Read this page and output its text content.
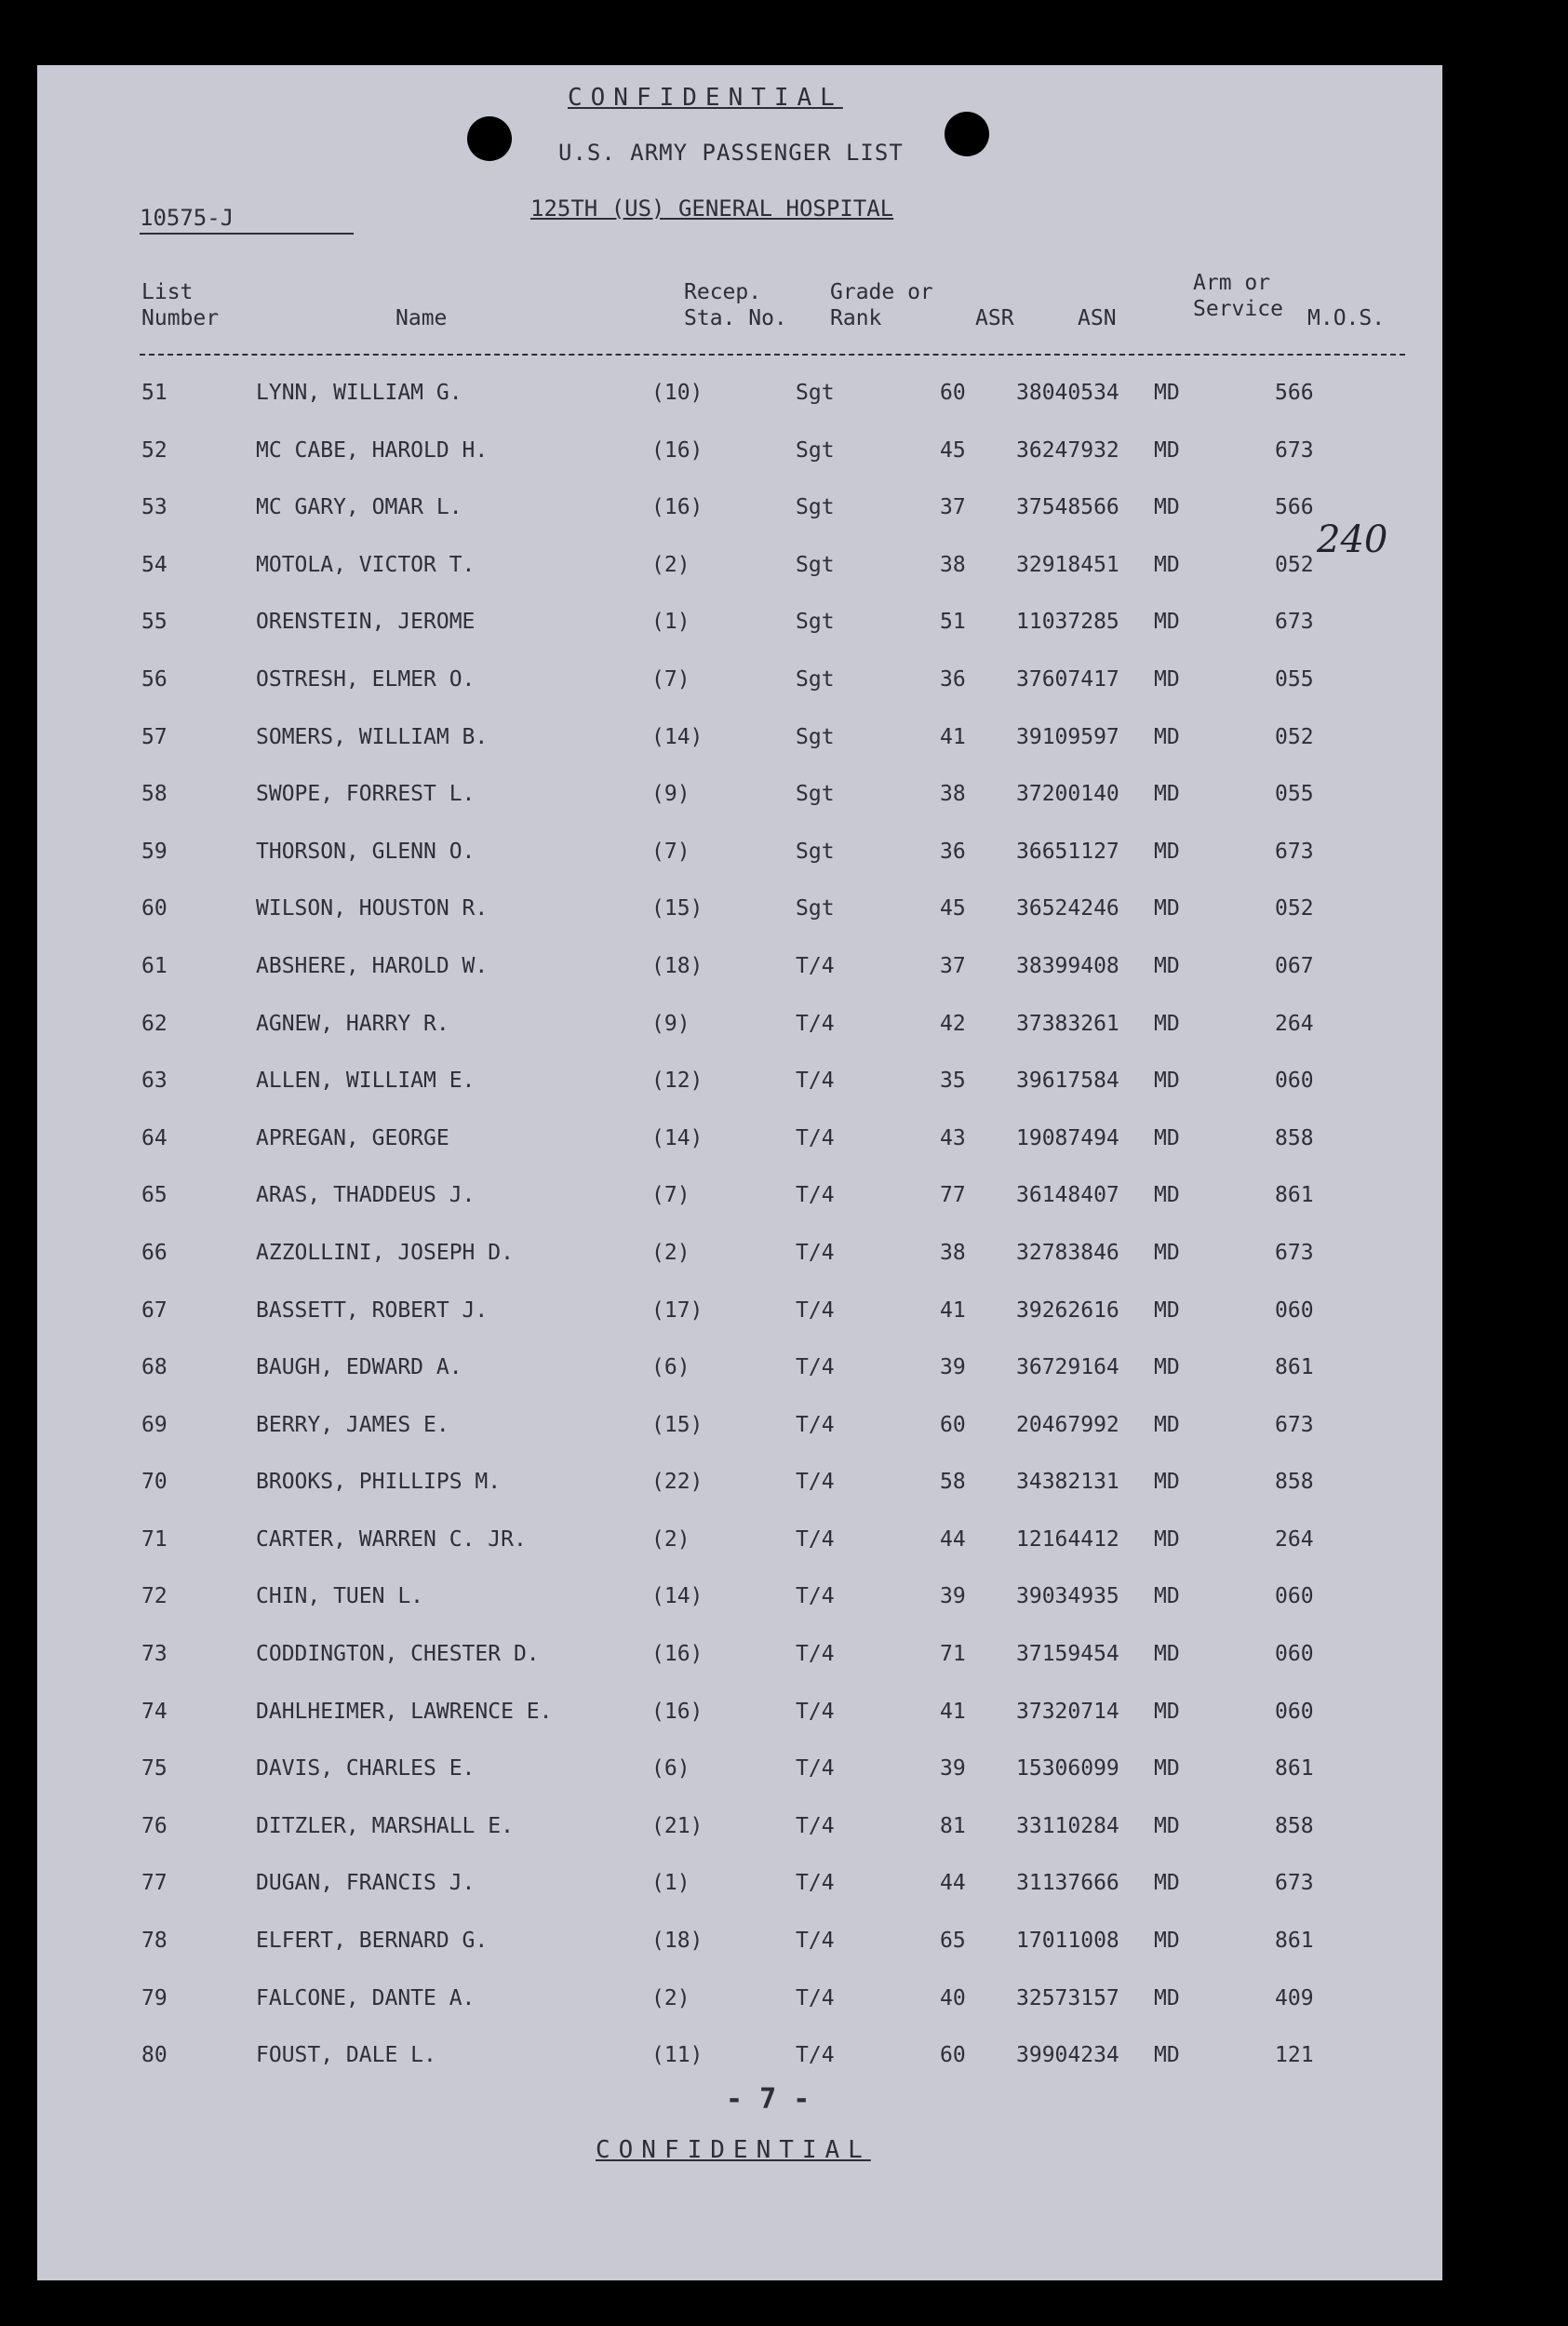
CONFIDENTIAL
U.S. ARMY PASSENGER LIST
10575-J	125TH (US) GENERAL HOSPITAL
List Number	Name
Recep. Sta. No.
Grade or Rank	ASR	ASN
Arm or Service	M.O.S.
51	LYNN, WILLIAM G.	(10)	Sgt	60 38040534 MD	566
52	MC CABE, HAROLD H.	(16)	Sgt	45 36247932 MD	673
53	MC GARY, OMAR L.	(16)	Sgt	37 37548566 MD	566
54	MOTOLA, VICTOR T.	(2)	Sgt	38 32918451 MD	052
55	ORENSTEIN, JEROME	(1)	Sgt	51 11037285 MD	673
56	OSTRESH, ELMER O.	(7)	Sgt	36 37607417 MD	055
57	SOMERS, WILLIAM B.	(14)	Sgt	41 39109597 MD	052
58	SWOPE, FORREST L.	(9)	Sgt	38 37200140 MD	055
59	THORSON, GLENN O.	(7)	Sgt	36 36651127 MD	673
60	WILSON, HOUSTON R.	(15)	Sgt	45 36524246 MD	052
61	ABSHERE, HAROLD W.	(18)	T/4	37 38399408 MD	067
62	AGNEW, HARRY R.	(9)	T/4	42 37383261 MD	264
63	ALLEN, WILLIAM E.	(12)	T/4	35 39617584 MD	060
64	APREGAN, GEORGE	(14)	T/4	43 19087494 MD	858
65	ARAS, THADDEUS J.	(7)	T/4	77 36148407 MD	861
66	AZZOLLINI, JOSEPH D.	(2)	T/4	38 32783846 MD	673
67	BASSETT, ROBERT J.	(17)	T/4	41 39262616 MD	060
68	BAUGH, EDWARD A.	(6)	T/4	39 36729164 MD	861
69	BERRY, JAMES E.	(15)	T/4	60 20467992 MD	673
70	BROOKS, PHILLIPS M.	(22)	T/4	58 34382131 MD	858
71	CARTER, WARREN C. JR.	(2)	T/4	44 12164412 MD	264
72	CHIN, TUEN L.	(14)	T/4	39 39034935 MD	060
73	CODDINGTON, CHESTER D.	(16)	T/4	71 37159454 MD	060
74	DAHLHEIMER, LAWRENCE E.	(16)	T/4	41 37320714 MD	060
75	DAVIS, CHARLES E.	(6)	T/4	39 15306099 MD	861
76	DITZLER, MARSHALL E.	(21)	T/4	81 33110284 MD	858
77	DUGAN, FRANCIS J.	(1)	T/4	44 31137666 MD	673
78	ELFERT, BERNARD G.	(18)	T/4	65 17011008 MD	861
79	FALCONE, DANTE A.	(2)	T/4	40 32573157 MD	409
80	FOUST, DALE L.	(11)	T/4	60 39904234 MD	121
240
- 7 -
CONFIDENTIAL
